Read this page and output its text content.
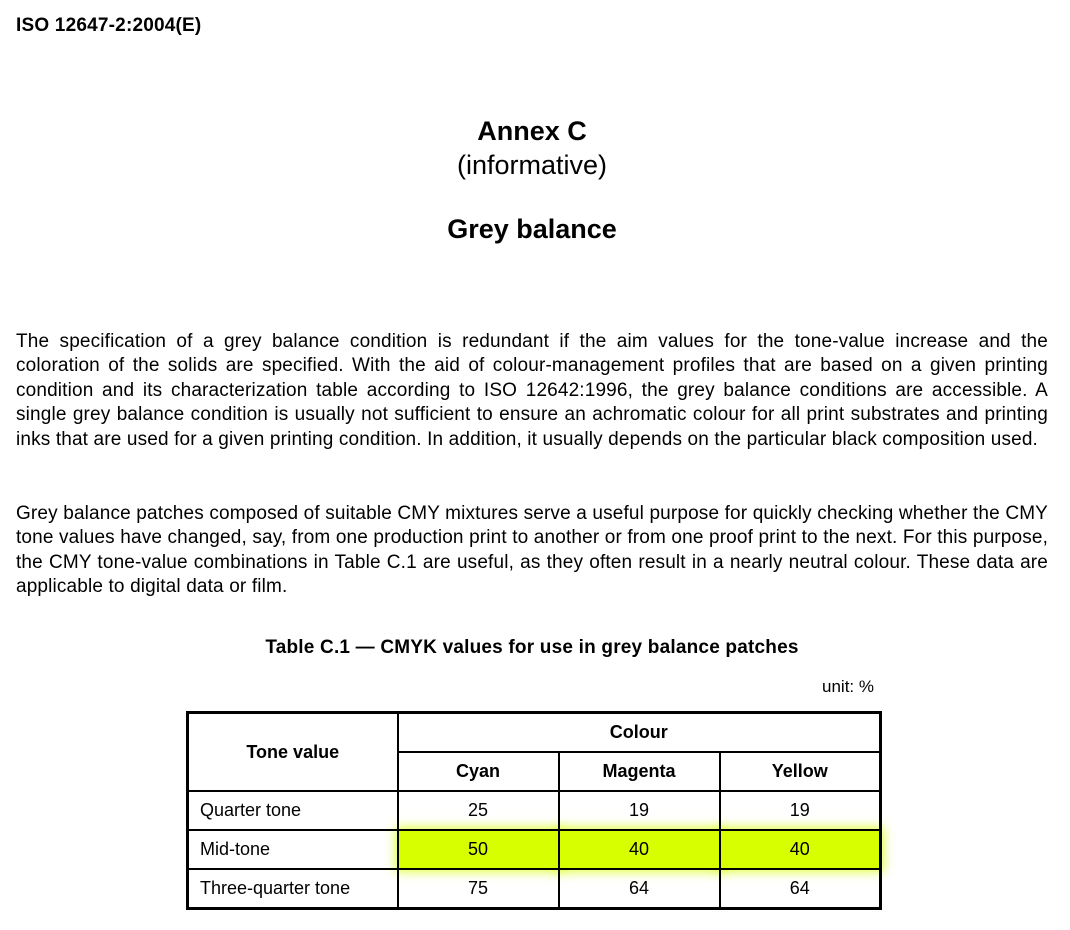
ISO 12647-2:2004(E)
Annex C
(informative)
Grey balance

The specification of a grey balance condition is redundant if the aim values for the tone-value increase and the coloration of the solids are specified. With the aid of colour-management profiles that are based on a given printing condition and its characterization table according to ISO 12642:1996, the grey balance conditions are accessible. A single grey balance condition is usually not sufficient to ensure an achromatic colour for all print substrates and printing inks that are used for a given printing condition. In addition, it usually depends on the particular black composition used.

Grey balance patches composed of suitable CMY mixtures serve a useful purpose for quickly checking whether the CMY tone values have changed, say, from one production print to another or from one proof print to the next. For this purpose, the CMY tone-value combinations in Table C.1 are useful, as they often result in a nearly neutral colour. These data are applicable to digital data or film.

Table C.1 — CMYK values for use in grey balance patches
unit: %
Tone value	Colour		
	Cyan	Magenta	Yellow
Quarter tone	25	19	19
Mid-tone	50	40	40
Three-quarter tone	75	64	64
